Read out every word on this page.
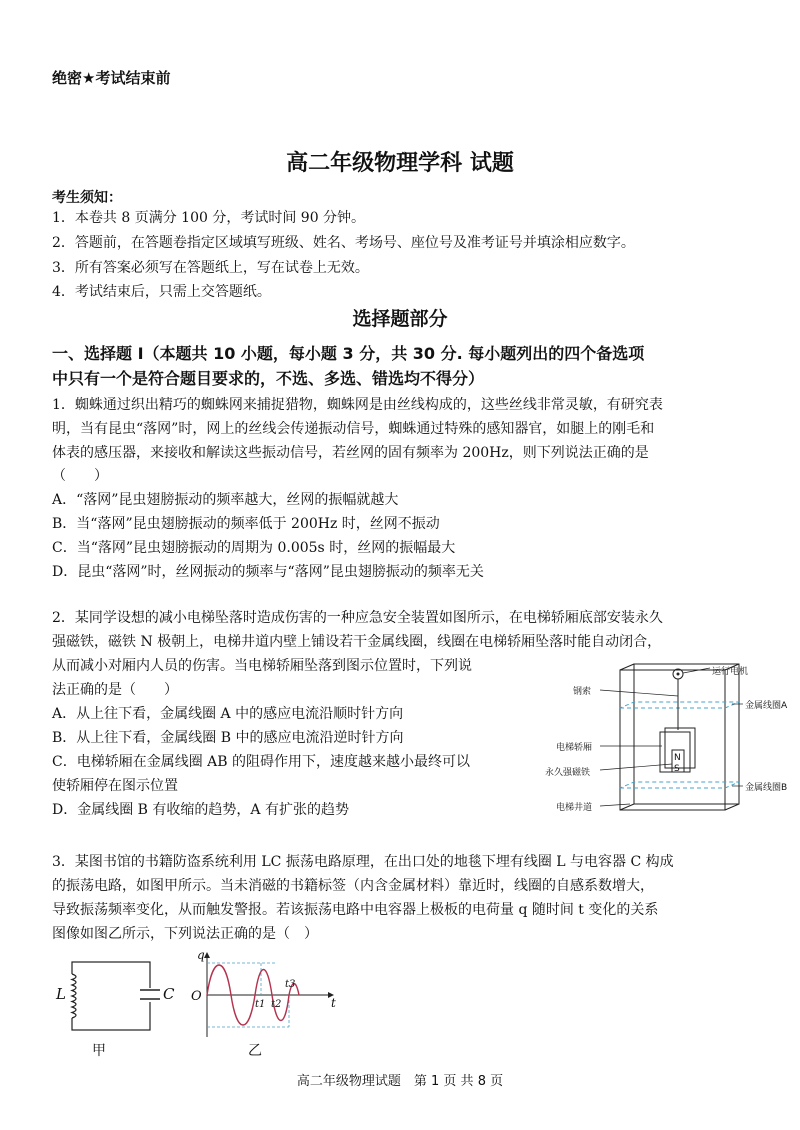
绝密★考试结束前
高二年级物理学科 试题
考生须知：
1．本卷共 8 页满分 100 分，考试时间 90 分钟。
2．答题前，在答题卷指定区域填写班级、姓名、考场号、座位号及准考证号并填涂相应数字。
3．所有答案必须写在答题纸上，写在试卷上无效。
4．考试结束后，只需上交答题纸。
选择题部分
一、选择题 I（本题共 10 小题，每小题 3 分，共 30 分. 每小题列出的四个备选项
中只有一个是符合题目要求的，不选、多选、错选均不得分）
1．蜘蛛通过织出精巧的蜘蛛网来捕捉猎物，蜘蛛网是由丝线构成的，这些丝线非常灵敏，有研究表
明，当有昆虫“落网”时，网上的丝线会传递振动信号，蜘蛛通过特殊的感知器官，如腿上的刚毛和
体表的感压器，来接收和解读这些振动信号，若丝网的固有频率为 200Hz，则下列说法正确的是
（　　）
A．“落网”昆虫翅膀振动的频率越大，丝网的振幅就越大
B．当“落网”昆虫翅膀振动的频率低于 200Hz 时，丝网不振动
C．当“落网”昆虫翅膀振动的周期为 0.005s 时，丝网的振幅最大
D．昆虫“落网”时，丝网振动的频率与“落网”昆虫翅膀振动的频率无关
2．某同学设想的减小电梯坠落时造成伤害的一种应急安全装置如图所示，在电梯轿厢底部安装永久
强磁铁，磁铁 N 极朝上，电梯井道内壁上铺设若干金属线圈，线圈在电梯轿厢坠落时能自动闭合，
从而减小对厢内人员的伤害。当电梯轿厢坠落到图示位置时，下列说
法正确的是（　　）
A．从上往下看，金属线圈 A 中的感应电流沿顺时针方向
B．从上往下看，金属线圈 B 中的感应电流沿逆时针方向
C．电梯轿厢在金属线圈 AB 的阻碍作用下，速度越来越小最终可以
使轿厢停在图示位置
D．金属线圈 B 有收缩的趋势，A 有扩张的趋势
N
S
运行电机
钢索
金属线圈A
电梯轿厢
永久强磁铁
金属线圈B
电梯井道
3．某图书馆的书籍防盗系统利用 LC 振荡电路原理，在出口处的地毯下埋有线圈 L 与电容器 C 构成
的振荡电路，如图甲所示。当未消磁的书籍标签（内含金属材料）靠近时，线圈的自感系数增大，
导致振荡频率变化，从而触发警报。若该振荡电路中电容器上极板的电荷量 q 随时间 t 变化的关系
图像如图乙所示，下列说法正确的是（　）
L	C
甲
q
t
O
t1 t2
t3
乙
高二年级物理试题　第 1 页 共 8 页
